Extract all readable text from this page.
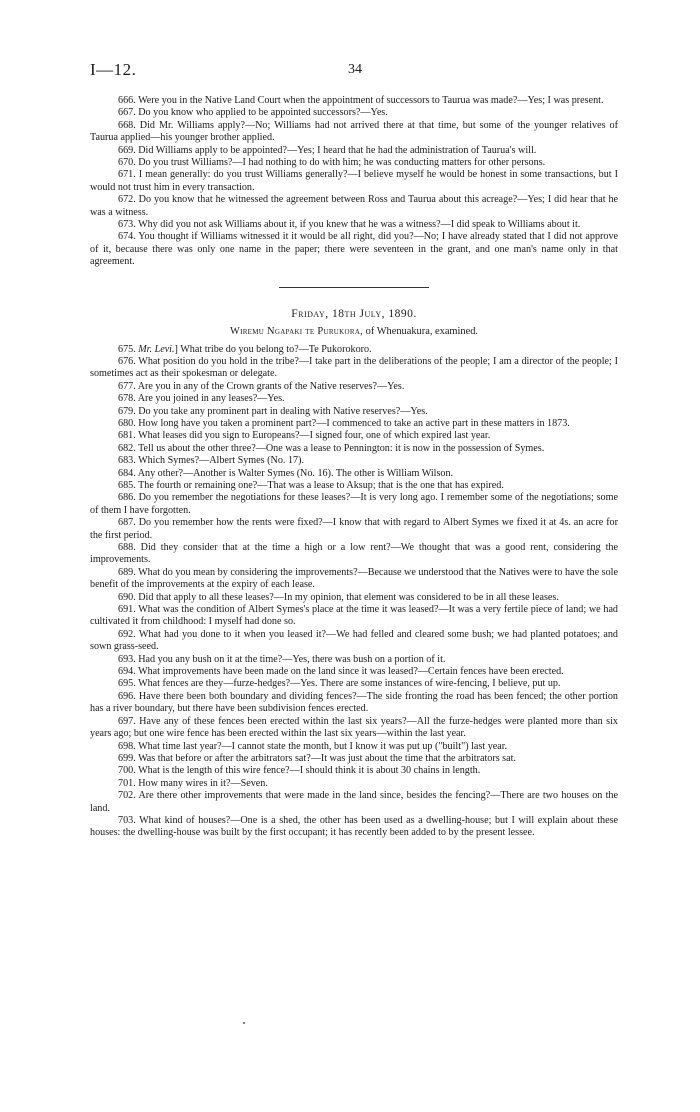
I—12.	34

666. Were you in the Native Land Court when the appointment of successors to Taurua was made?—Yes; I was present.

667. Do you know who applied to be appointed successors?—Yes.

668. Did Mr. Williams apply?—No; Williams had not arrived there at that time, but some of the younger relatives of Taurua applied—his younger brother applied.

669. Did Williams apply to be appointed?—Yes; I heard that he had the administration of Taurua's will.

670. Do you trust Williams?—I had nothing to do with him; he was conducting matters for other persons.

671. I mean generally: do you trust Williams generally?—I believe myself he would be honest in some transactions, but I would not trust him in every transaction.

672. Do you know that he witnessed the agreement between Ross and Taurua about this acreage?—Yes; I did hear that he was a witness.

673. Why did you not ask Williams about it, if you knew that he was a witness?—I did speak to Williams about it.

674. You thought if Williams witnessed it it would be all right, did you?—No; I have already stated that I did not approve of it, because there was only one name in the paper; there were seventeen in the grant, and one man's name only in that agreement.

Friday, 18th July, 1890.

Wiremu Ngapaki te Purukora, of Whenuakura, examined.

675. Mr. Levi.] What tribe do you belong to?—Te Pukorokoro.

676. What position do you hold in the tribe?—I take part in the deliberations of the people; I am a director of the people; I sometimes act as their spokesman or delegate.

677. Are you in any of the Crown grants of the Native reserves?—Yes.

678. Are you joined in any leases?—Yes.

679. Do you take any prominent part in dealing with Native reserves?—Yes.

680. How long have you taken a prominent part?—I commenced to take an active part in these matters in 1873.

681. What leases did you sign to Europeans?—I signed four, one of which expired last year.

682. Tell us about the other three?—One was a lease to Pennington: it is now in the possession of Symes.

683. Which Symes?—Albert Symes (No. 17).

684. Any other?—Another is Walter Symes (No. 16). The other is William Wilson.

685. The fourth or remaining one?—That was a lease to Aksup; that is the one that has expired.

686. Do you remember the negotiations for these leases?—It is very long ago. I remember some of the negotiations; some of them I have forgotten.

687. Do you remember how the rents were fixed?—I know that with regard to Albert Symes we fixed it at 4s. an acre for the first period.

688. Did they consider that at the time a high or a low rent?—We thought that was a good rent, considering the improvements.

689. What do you mean by considering the improvements?—Because we understood that the Natives were to have the sole benefit of the improvements at the expiry of each lease.

690. Did that apply to all these leases?—In my opinion, that element was considered to be in all these leases.

691. What was the condition of Albert Symes's place at the time it was leased?—It was a very fertile piece of land; we had cultivated it from childhood: I myself had done so.

692. What had you done to it when you leased it?—We had felled and cleared some bush; we had planted potatoes; and sown grass-seed.

693. Had you any bush on it at the time?—Yes, there was bush on a portion of it.

694. What improvements have been made on the land since it was leased?—Certain fences have been erected.

695. What fences are they—furze-hedges?—Yes. There are some instances of wire-fencing, I believe, put up.

696. Have there been both boundary and dividing fences?—The side fronting the road has been fenced; the other portion has a river boundary, but there have been subdivision fences erected.

697. Have any of these fences been erected within the last six years?—All the furze-hedges were planted more than six years ago; but one wire fence has been erected within the last six years—within the last year.

698. What time last year?—I cannot state the month, but I know it was put up ("built") last year.

699. Was that before or after the arbitrators sat?—It was just about the time that the arbitrators sat.

700. What is the length of this wire fence?—I should think it is about 30 chains in length.

701. How many wires in it?—Seven.

702. Are there other improvements that were made in the land since, besides the fencing?—There are two houses on the land.

703. What kind of houses?—One is a shed, the other has been used as a dwelling-house; but I will explain about these houses: the dwelling-house was built by the first occupant; it has recently been added to by the present lessee.
